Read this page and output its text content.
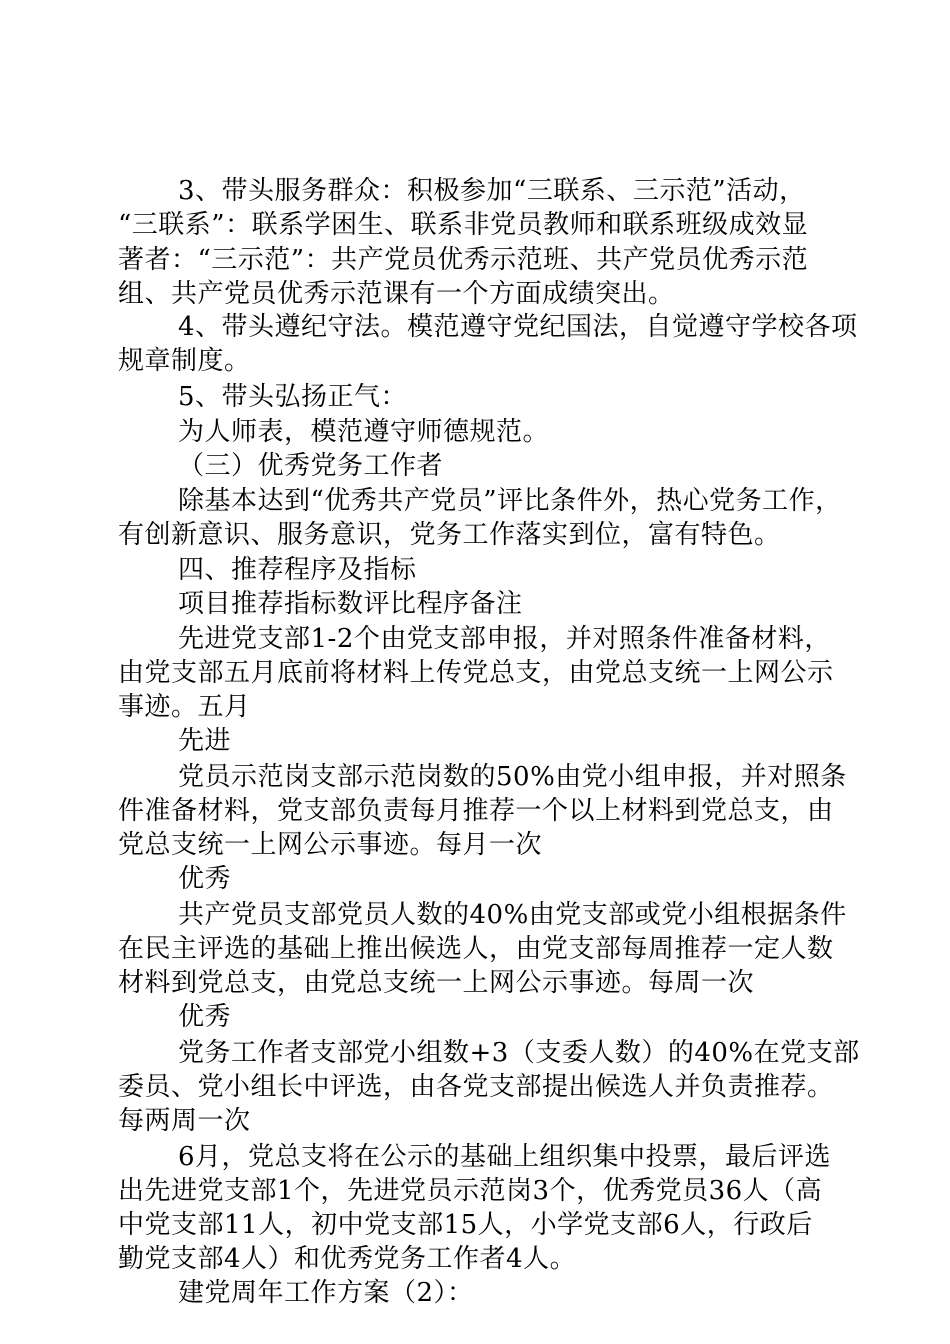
3、带头服务群众：积极参加“三联系、三示范”活动，
“三联系”：联系学困生、联系非党员教师和联系班级成效显
著者：“三示范”：共产党员优秀示范班、共产党员优秀示范
组、共产党员优秀示范课有一个方面成绩突出。
4、带头遵纪守法。模范遵守党纪国法，自觉遵守学校各项
规章制度。
5、带头弘扬正气：
为人师表，模范遵守师德规范。
（三）优秀党务工作者
除基本达到“优秀共产党员”评比条件外，热心党务工作，
有创新意识、服务意识，党务工作落实到位，富有特色。
四、推荐程序及指标
项目推荐指标数评比程序备注
先进党支部1-2个由党支部申报，并对照条件准备材料，
由党支部五月底前将材料上传党总支，由党总支统一上网公示
事迹。五月
先进
党员示范岗支部示范岗数的50%由党小组申报，并对照条
件准备材料，党支部负责每月推荐一个以上材料到党总支，由
党总支统一上网公示事迹。每月一次
优秀
共产党员支部党员人数的40%由党支部或党小组根据条件
在民主评选的基础上推出候选人，由党支部每周推荐一定人数
材料到党总支，由党总支统一上网公示事迹。每周一次
优秀
党务工作者支部党小组数+3（支委人数）的40%在党支部
委员、党小组长中评选，由各党支部提出候选人并负责推荐。
每两周一次
6月，党总支将在公示的基础上组织集中投票，最后评选
出先进党支部1个，先进党员示范岗3个，优秀党员36人（高
中党支部11人，初中党支部15人，小学党支部6人，行政后
勤党支部4人）和优秀党务工作者4人。
建党周年工作方案（2）：
